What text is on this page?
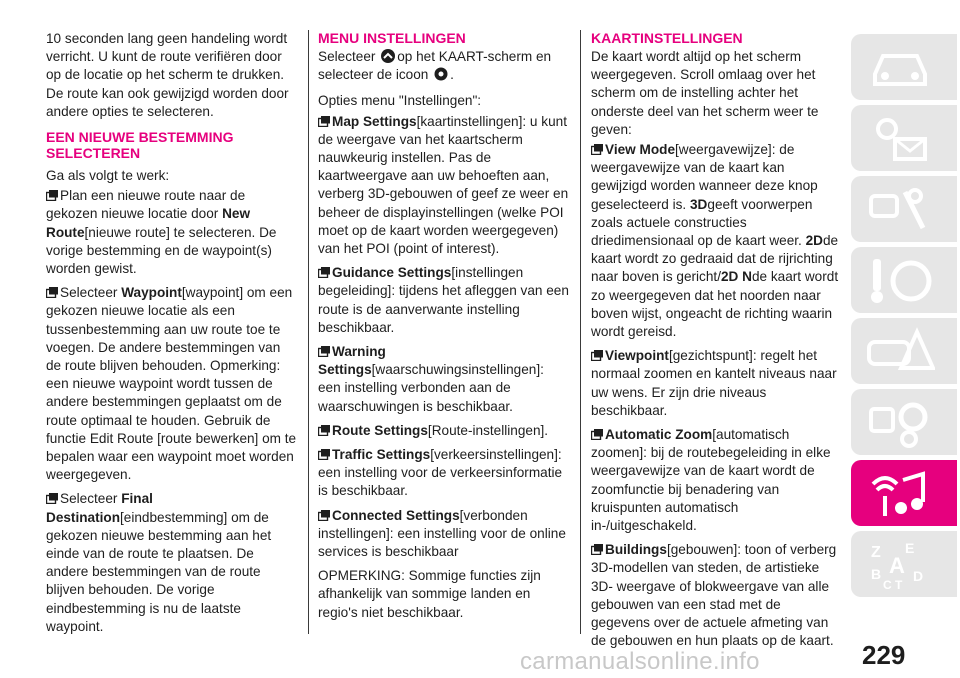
10 seconden lang geen handeling wordt verricht. U kunt de route verifiëren door op de locatie op het scherm te drukken. De route kan ook gewijzigd worden door andere opties te selecteren.

EEN NIEUWE BESTEMMING SELECTEREN

Ga als volgt te werk:

Plan een nieuwe route naar de gekozen nieuwe locatie door New Route[nieuwe route] te selecteren. De vorige bestemming en de waypoint(s) worden gewist.
Selecteer Waypoint[waypoint] om een gekozen nieuwe locatie als een tussenbestemming aan uw route toe te voegen. De andere bestemmingen van de route blijven behouden. Opmerking: een nieuwe waypoint wordt tussen de andere bestemmingen geplaatst om de route optimaal te houden. Gebruik de functie Edit Route [route bewerken] om te bepalen waar een waypoint moet worden weergegeven.
Selecteer Final Destination[eindbestemming] om de gekozen nieuwe bestemming aan het einde van de route te plaatsen. De andere bestemmingen van de route blijven behouden. De vorige eindbestemming is nu de laatste waypoint.
MENU INSTELLINGEN

Selecteer op het KAART-scherm en selecteer de icoon .

Opties menu "Instellingen":

Map Settings[kaartinstellingen]: u kunt de weergave van het kaartscherm nauwkeurig instellen. Pas de kaartweergave aan uw behoeften aan, verberg 3D-gebouwen of geef ze weer en beheer de displayinstellingen (welke POI moet op de kaart worden weergegeven) van het POI (point of interest).
Guidance Settings[instellingen begeleiding]: tijdens het afleggen van een route is de aanverwante instelling beschikbaar.
Warning Settings[waarschuwingsinstellingen]: een instelling verbonden aan de waarschuwingen is beschikbaar.
Route Settings[Route-instellingen].
Traffic Settings[verkeersinstellingen]: een instelling voor de verkeersinformatie is beschikbaar.
Connected Settings[verbonden instellingen]: een instelling voor de online services is beschikbaar

OPMERKING: Sommige functies zijn afhankelijk van sommige landen en regio's niet beschikbaar.

KAARTINSTELLINGEN

De kaart wordt altijd op het scherm weergegeven. Scroll omlaag over het scherm om de instelling achter het onderste deel van het scherm weer te geven:

View Mode[weergavewijze]: de weergavewijze van de kaart kan gewijzigd worden wanneer deze knop geselecteerd is. 3Dgeeft voorwerpen zoals actuele constructies driedimensionaal op de kaart weer. 2Dde kaart wordt zo gedraaid dat de rijrichting naar boven is gericht/2D Nde kaart wordt zo weergegeven dat het noorden naar boven wijst, ongeacht de richting waarin wordt gereisd.
Viewpoint[gezichtspunt]: regelt het normaal zoomen en kantelt niveaus naar uw wens. Er zijn drie niveaus beschikbaar.
Automatic Zoom[automatisch zoomen]: bij de routebegeleiding in elke weergavewijze van de kaart wordt de zoomfunctie bij benadering van kruispunten automatisch in-/uitgeschakeld.
Buildings[gebouwen]: toon of verberg 3D-modellen van steden, de artistieke 3D- weergave of blokweergave van alle gebouwen van een stad met de gegevens over de actuele afmeting van de gebouwen en hun plaats op de kaart.
Z E
A
B D
C T
carmanualsonline.info	229
